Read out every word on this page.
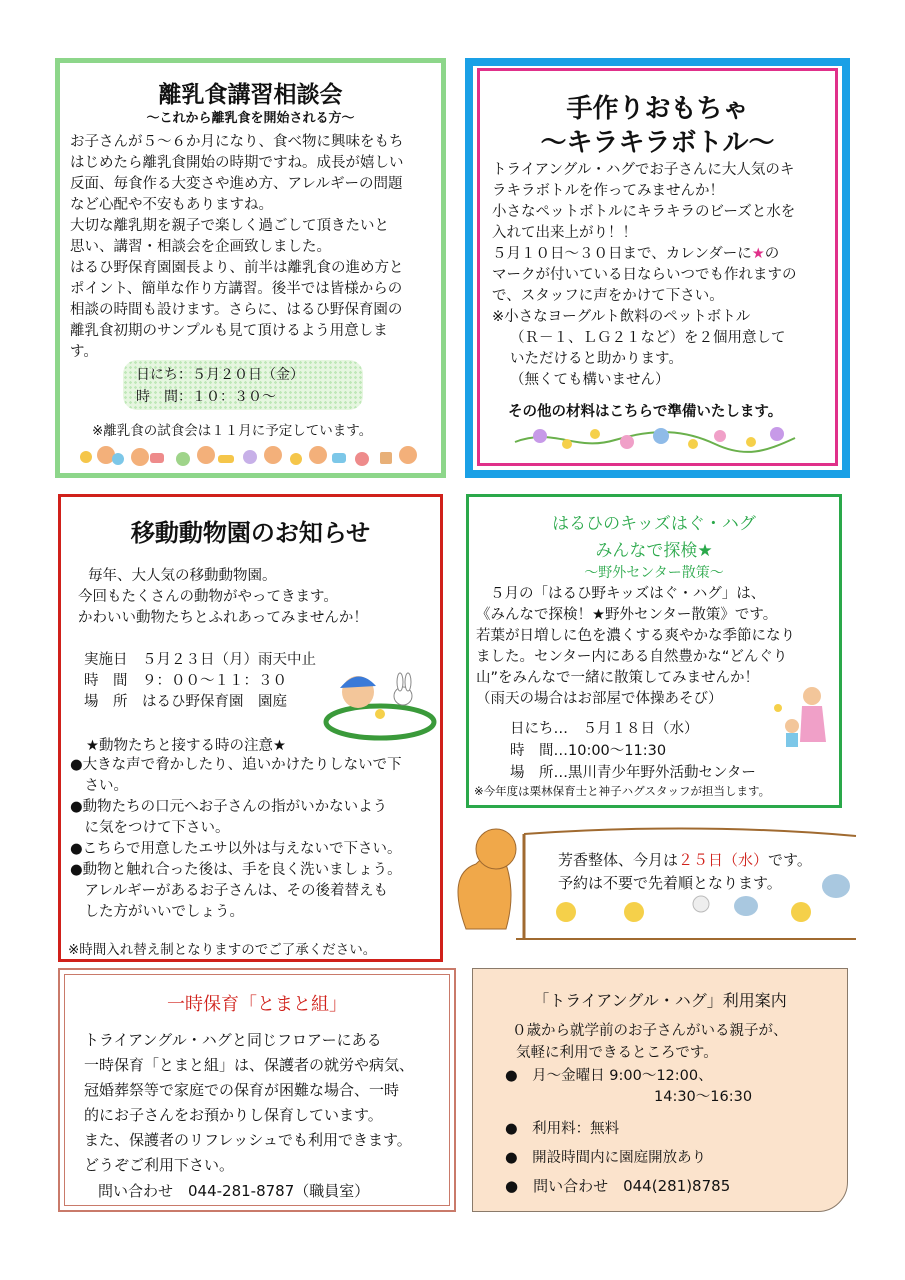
離乳食講習相談会
～これから離乳食を開始される方～
お子さんが５～６か月になり、食べ物に興味をもち
はじめたら離乳食開始の時期ですね。成長が嬉しい
反面、毎食作る大変さや進め方、アレルギーの問題
など心配や不安もありますね。
大切な離乳期を親子で楽しく過ごして頂きたいと
思い、講習・相談会を企画致しました。
はるひ野保育園園長より、前半は離乳食の進め方と
ポイント、簡単な作り方講習。後半では皆様からの
相談の時間も設けます。さらに、はるひ野保育園の
離乳食初期のサンプルも見て頂けるよう用意しま
す。
日にち：５月２０日（金）
時　間：１０：３０～
※離乳食の試食会は１１月に予定しています。
手作りおもちゃ
～キラキラボトル～
トライアングル・ハグでお子さんに大人気のキ
ラキラボトルを作ってみませんか！
小さなペットボトルにキラキラのビーズと水を
入れて出来上がり！！
５月１０日～３０日まで、カレンダーに★の
マークが付いている日ならいつでも作れますの
で、スタッフに声をかけて下さい。
※小さなヨーグルト飲料のペットボトル
（Ｒ－１、ＬＧ２１など）を２個用意して
いただけると助かります。
（無くても構いません）
その他の材料はこちらで準備いたします。
移動動物園のお知らせ
毎年、大人気の移動動物園。
今回もたくさんの動物がやってきます。
かわいい動物たちとふれあってみませんか！
実施日　５月２３日（月）雨天中止
時　間　９：００～１１：３０
場　所　はるひ野保育園　園庭
★動物たちと接する時の注意★
●大きな声で脅かしたり、追いかけたりしないで下
　さい。
●動物たちの口元へお子さんの指がいかないよう
　に気をつけて下さい。
●こちらで用意したエサ以外は与えないで下さい。
●動物と触れ合った後は、手を良く洗いましょう。
　アレルギーがあるお子さんは、その後着替えも
　した方がいいでしょう。
※時間入れ替え制となりますのでご了承ください。
はるひのキッズはぐ・ハグ
みんなで探検★
～野外センター散策～
５月の「はるひ野キッズはぐ・ハグ」は、
《みんなで探検！★野外センター散策》です。
若葉が日増しに色を濃くする爽やかな季節になり
ました。センター内にある自然豊かな“どんぐり
山”をみんなで一緒に散策してみませんか！
（雨天の場合はお部屋で体操あそび）
日にち…　５月１８日（水）
時　間…10:00～11:30
場　所…黒川青少年野外活動センター
※今年度は栗林保育士と神子ハグスタッフが担当します。
芳香整体、今月は２５日（水）です。
予約は不要で先着順となります。
一時保育「とまと組」
トライアングル・ハグと同じフロアーにある
一時保育「とまと組」は、保護者の就労や病気、
冠婚葬祭等で家庭での保育が困難な場合、一時
的にお子さんをお預かりし保育しています。
また、保護者のリフレッシュでも利用できます。
どうぞご利用下さい。
問い合わせ　044-281-8787（職員室）
「トライアングル・ハグ」利用案内
０歳から就学前のお子さんがいる親子が、
気軽に利用できるところです。
●　月～金曜日 9:00～12:00、
14:30～16:30
●　利用料：無料
●　開設時間内に園庭開放あり
●　問い合わせ　044(281)8785
